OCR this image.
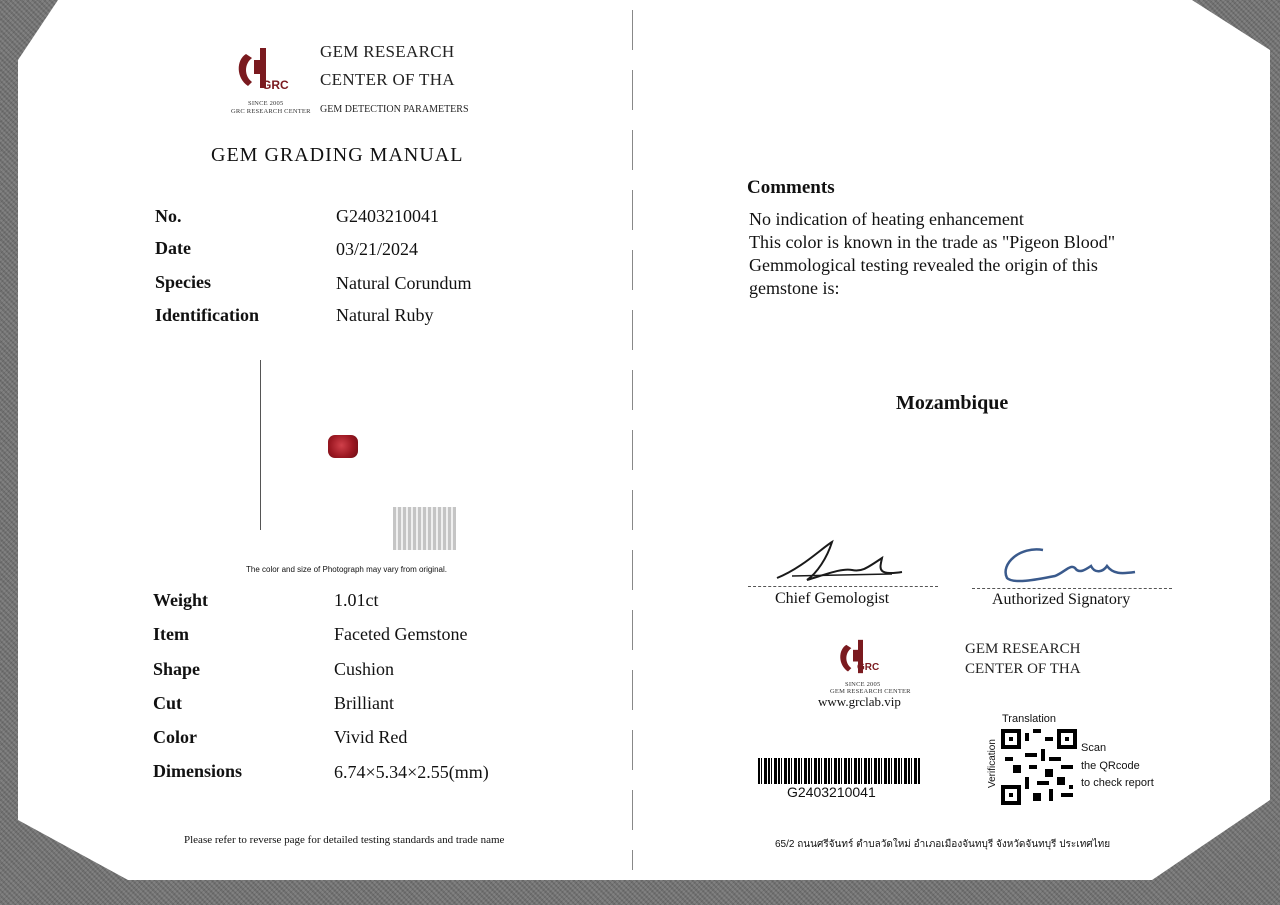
GRC
SINCE 2005
GRC RESEARCH CENTER
GEM RESEARCH
CENTER OF THA
GEM DETECTION PARAMETERS
GEM GRADING MANUAL
No.	G2403210041
Date	03/21/2024
Species	Natural Corundum
Identification	Natural Ruby
The color and size of Photograph may vary from original.
Weight	1.01ct
Item	Faceted Gemstone
Shape	Cushion
Cut	Brilliant
Color	Vivid Red
Dimensions	6.74×5.34×2.55(mm)
Please refer to reverse page for detailed testing standards and trade name
Comments
No indication of heating enhancement
This color is known in the trade as "Pigeon Blood"
Gemmological testing revealed the origin of this
gemstone is:
Mozambique
Chief Gemologist	Authorized Signatory
GRC
SINCE 2005
GEM RESEARCH CENTER
www.grclab.vip
GEM RESEARCH
CENTER OF THA
G2403210041
Translation
Verification	Scan
the QRcode
to check report
65/2 ถนนศรีจันทร์ ตำบลวัดใหม่ อำเภอเมืองจันทบุรี จังหวัดจันทบุรี ประเทศไทย
